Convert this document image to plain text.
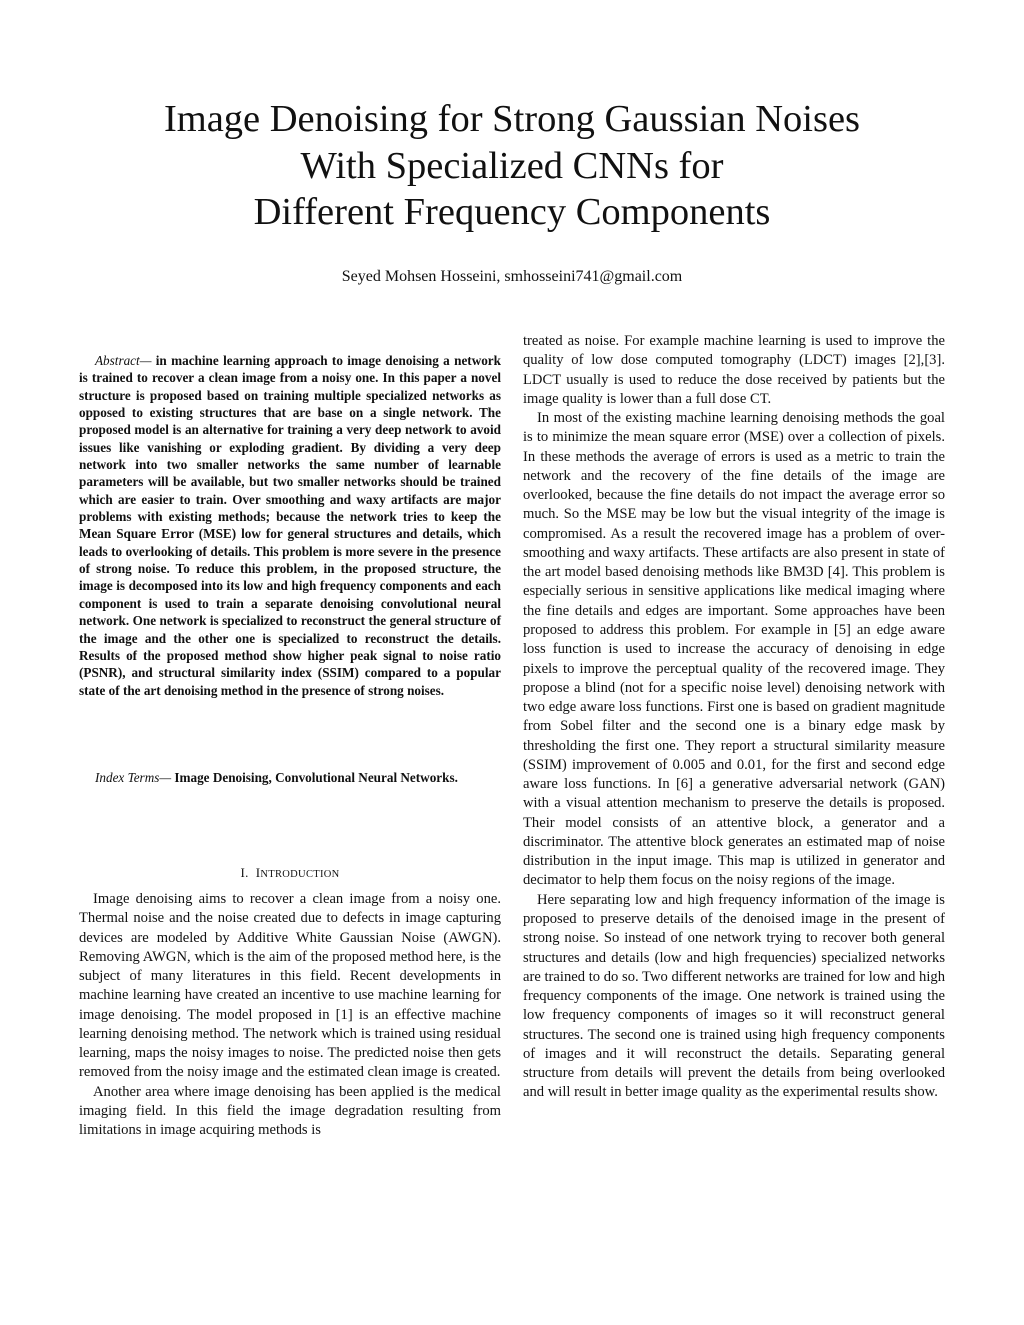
Image Denoising for Strong Gaussian Noises
With Specialized CNNs for
Different Frequency Components
Seyed Mohsen Hosseini, smhosseini741@gmail.com

Abstract— in machine learning approach to image denoising a network is trained to recover a clean image from a noisy one. In this paper a novel structure is proposed based on training multiple specialized networks as opposed to existing structures that are base on a single network. The proposed model is an alternative for training a very deep network to avoid issues like vanishing or exploding gradient. By dividing a very deep network into two smaller networks the same number of learnable parameters will be available, but two smaller networks should be trained which are easier to train. Over smoothing and waxy artifacts are major problems with existing methods; because the network tries to keep the Mean Square Error (MSE) low for general structures and details, which leads to overlooking of details. This problem is more severe in the presence of strong noise. To reduce this problem, in the proposed structure, the image is decomposed into its low and high frequency components and each component is used to train a separate denoising convolutional neural network. One network is specialized to reconstruct the general structure of the image and the other one is specialized to reconstruct the details. Results of the proposed method show higher peak signal to noise ratio (PSNR), and structural similarity index (SSIM) compared to a popular state of the art denoising method in the presence of strong noises.

Index Terms— Image Denoising, Convolutional Neural Networks.

I. INTRODUCTION

Image denoising aims to recover a clean image from a noisy one. Thermal noise and the noise created due to defects in image capturing devices are modeled by Additive White Gaussian Noise (AWGN). Removing AWGN, which is the aim of the proposed method here, is the subject of many literatures in this field. Recent developments in machine learning have created an incentive to use machine learning for image denoising. The model proposed in [1] is an effective machine learning denoising method. The network which is trained using residual learning, maps the noisy images to noise. The predicted noise then gets removed from the noisy image and the estimated clean image is created.

Another area where image denoising has been applied is the medical imaging field. In this field the image degradation resulting from limitations in image acquiring methods is

treated as noise. For example machine learning is used to improve the quality of low dose computed tomography (LDCT) images [2],[3]. LDCT usually is used to reduce the dose received by patients but the image quality is lower than a full dose CT.

In most of the existing machine learning denoising methods the goal is to minimize the mean square error (MSE) over a collection of pixels. In these methods the average of errors is used as a metric to train the network and the recovery of the fine details of the image are overlooked, because the fine details do not impact the average error so much. So the MSE may be low but the visual integrity of the image is compromised. As a result the recovered image has a problem of over-smoothing and waxy artifacts. These artifacts are also present in state of the art model based denoising methods like BM3D [4]. This problem is especially serious in sensitive applications like medical imaging where the fine details and edges are important. Some approaches have been proposed to address this problem. For example in [5] an edge aware loss function is used to increase the accuracy of denoising in edge pixels to improve the perceptual quality of the recovered image. They propose a blind (not for a specific noise level) denoising network with two edge aware loss functions. First one is based on gradient magnitude from Sobel filter and the second one is a binary edge mask by thresholding the first one. They report a structural similarity measure (SSIM) improvement of 0.005 and 0.01, for the first and second edge aware loss functions. In [6] a generative adversarial network (GAN) with a visual attention mechanism to preserve the details is proposed. Their model consists of an attentive block, a generator and a discriminator. The attentive block generates an estimated map of noise distribution in the input image. This map is utilized in generator and decimator to help them focus on the noisy regions of the image.

Here separating low and high frequency information of the image is proposed to preserve details of the denoised image in the present of strong noise. So instead of one network trying to recover both general structures and details (low and high frequencies) specialized networks are trained to do so. Two different networks are trained for low and high frequency components of the image. One network is trained using the low frequency components of images so it will reconstruct general structures. The second one is trained using high frequency components of images and it will reconstruct the details. Separating general structure from details will prevent the details from being overlooked and will result in better image quality as the experimental results show.
